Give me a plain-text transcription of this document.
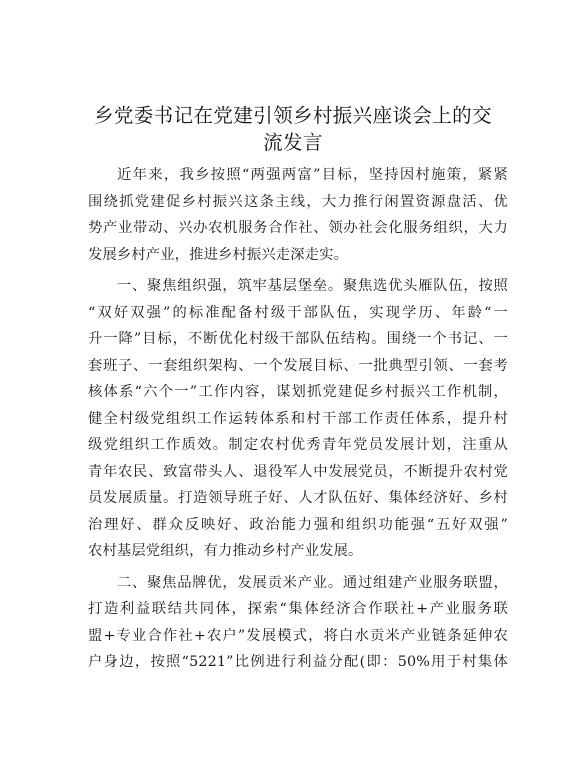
乡党委书记在党建引领乡村振兴座谈会上的交
流发言

近年来，我乡按照“两强两富”目标，坚持因村施策，紧紧
围绕抓党建促乡村振兴这条主线，大力推行闲置资源盘活、优
势产业带动、兴办农机服务合作社、领办社会化服务组织，大力
发展乡村产业，推进乡村振兴走深走实。

一、聚焦组织强，筑牢基层堡垒。聚焦选优头雁队伍，按照
“双好双强”的标准配备村级干部队伍，实现学历、年龄“一
升一降”目标，不断优化村级干部队伍结构。围绕一个书记、一
套班子、一套组织架构、一个发展目标、一批典型引领、一套考
核体系“六个一”工作内容，谋划抓党建促乡村振兴工作机制，
健全村级党组织工作运转体系和村干部工作责任体系，提升村
级党组织工作质效。制定农村优秀青年党员发展计划，注重从
青年农民、致富带头人、退役军人中发展党员，不断提升农村党
员发展质量。打造领导班子好、人才队伍好、集体经济好、乡村
治理好、群众反映好、政治能力强和组织功能强“五好双强”
农村基层党组织，有力推动乡村产业发展。

二、聚焦品牌优，发展贡米产业。通过组建产业服务联盟，
打造利益联结共同体，探索“集体经济合作联社+产业服务联
盟+专业合作社+农户”发展模式，将白水贡米产业链条延伸农
户身边，按照“5221”比例进行利益分配(即：50%用于村集体
